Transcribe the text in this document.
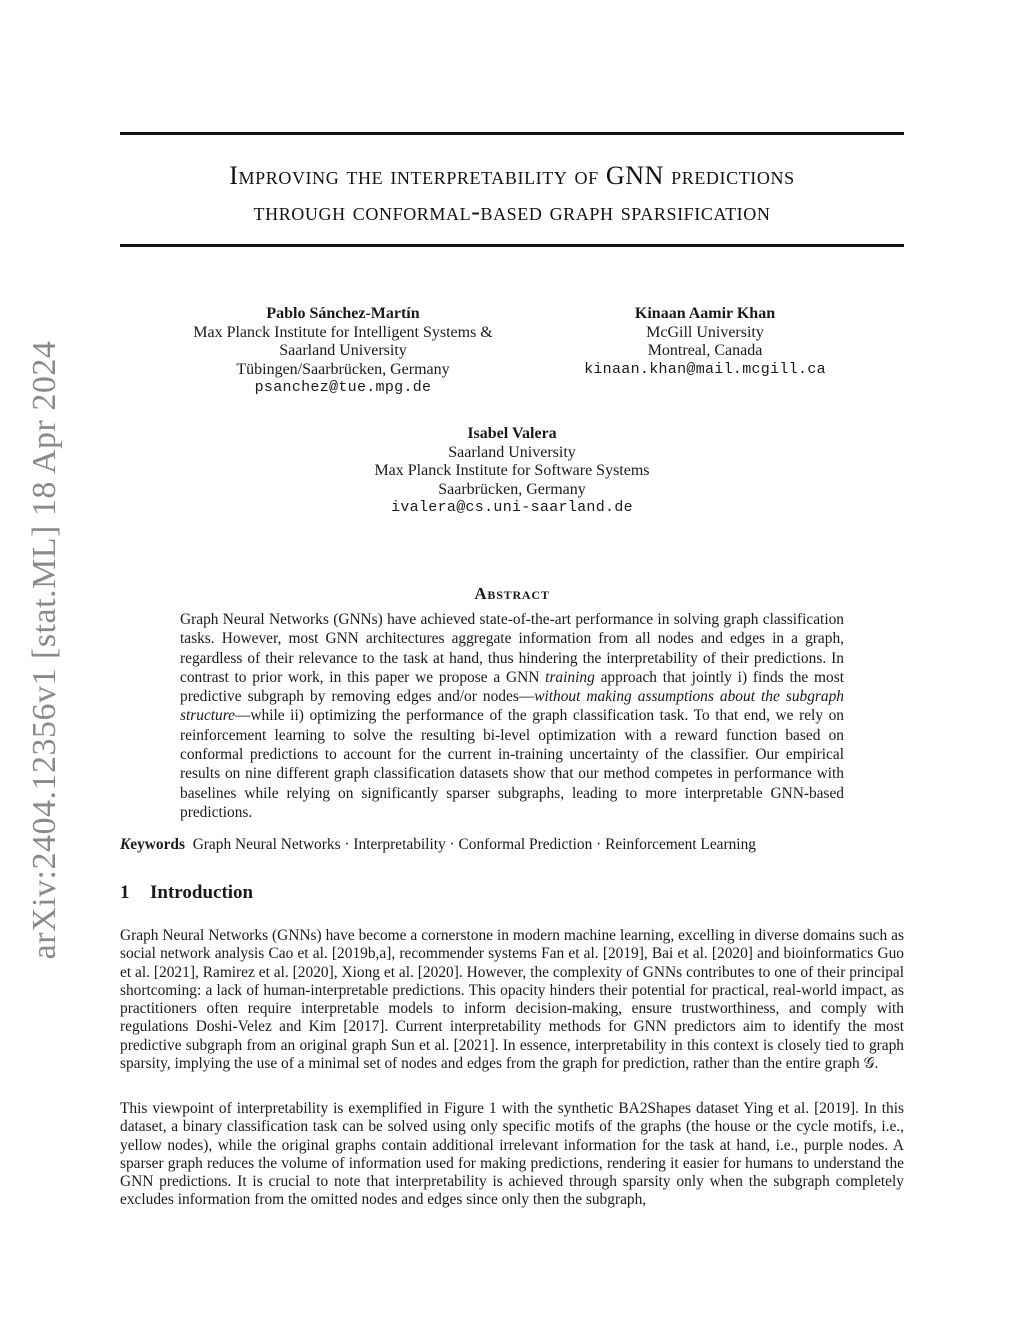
arXiv:2404.12356v1 [stat.ML] 18 Apr 2024
Improving the interpretability of GNN predictions
through conformal-based graph sparsification
Pablo Sánchez-Martín
Max Planck Institute for Intelligent Systems &
Saarland University
Tübingen/Saarbrücken, Germany
psanchez@tue.mpg.de
Kinaan Aamir Khan
McGill University
Montreal, Canada
kinaan.khan@mail.mcgill.ca
Isabel Valera
Saarland University
Max Planck Institute for Software Systems
Saarbrücken, Germany
ivalera@cs.uni-saarland.de
Abstract
Graph Neural Networks (GNNs) have achieved state-of-the-art performance in solving graph classification tasks. However, most GNN architectures aggregate information from all nodes and edges in a graph, regardless of their relevance to the task at hand, thus hindering the interpretability of their predictions. In contrast to prior work, in this paper we propose a GNN training approach that jointly i) finds the most predictive subgraph by removing edges and/or nodes—without making assumptions about the subgraph structure—while ii) optimizing the performance of the graph classification task. To that end, we rely on reinforcement learning to solve the resulting bi-level optimization with a reward function based on conformal predictions to account for the current in-training uncertainty of the classifier. Our empirical results on nine different graph classification datasets show that our method competes in performance with baselines while relying on significantly sparser subgraphs, leading to more interpretable GNN-based predictions.
Keywords Graph Neural Networks · Interpretability · Conformal Prediction · Reinforcement Learning
1 Introduction
Graph Neural Networks (GNNs) have become a cornerstone in modern machine learning, excelling in diverse domains such as social network analysis Cao et al. [2019b,a], recommender systems Fan et al. [2019], Bai et al. [2020] and bioinformatics Guo et al. [2021], Ramirez et al. [2020], Xiong et al. [2020]. However, the complexity of GNNs contributes to one of their principal shortcoming: a lack of human-interpretable predictions. This opacity hinders their potential for practical, real-world impact, as practitioners often require interpretable models to inform decision-making, ensure trustworthiness, and comply with regulations Doshi-Velez and Kim [2017]. Current interpretability methods for GNN predictors aim to identify the most predictive subgraph from an original graph Sun et al. [2021]. In essence, interpretability in this context is closely tied to graph sparsity, implying the use of a minimal set of nodes and edges from the graph for prediction, rather than the entire graph 𝒢.
This viewpoint of interpretability is exemplified in Figure 1 with the synthetic BA2Shapes dataset Ying et al. [2019]. In this dataset, a binary classification task can be solved using only specific motifs of the graphs (the house or the cycle motifs, i.e., yellow nodes), while the original graphs contain additional irrelevant information for the task at hand, i.e., purple nodes. A sparser graph reduces the volume of information used for making predictions, rendering it easier for humans to understand the GNN predictions. It is crucial to note that interpretability is achieved through sparsity only when the subgraph completely excludes information from the omitted nodes and edges since only then the subgraph,
